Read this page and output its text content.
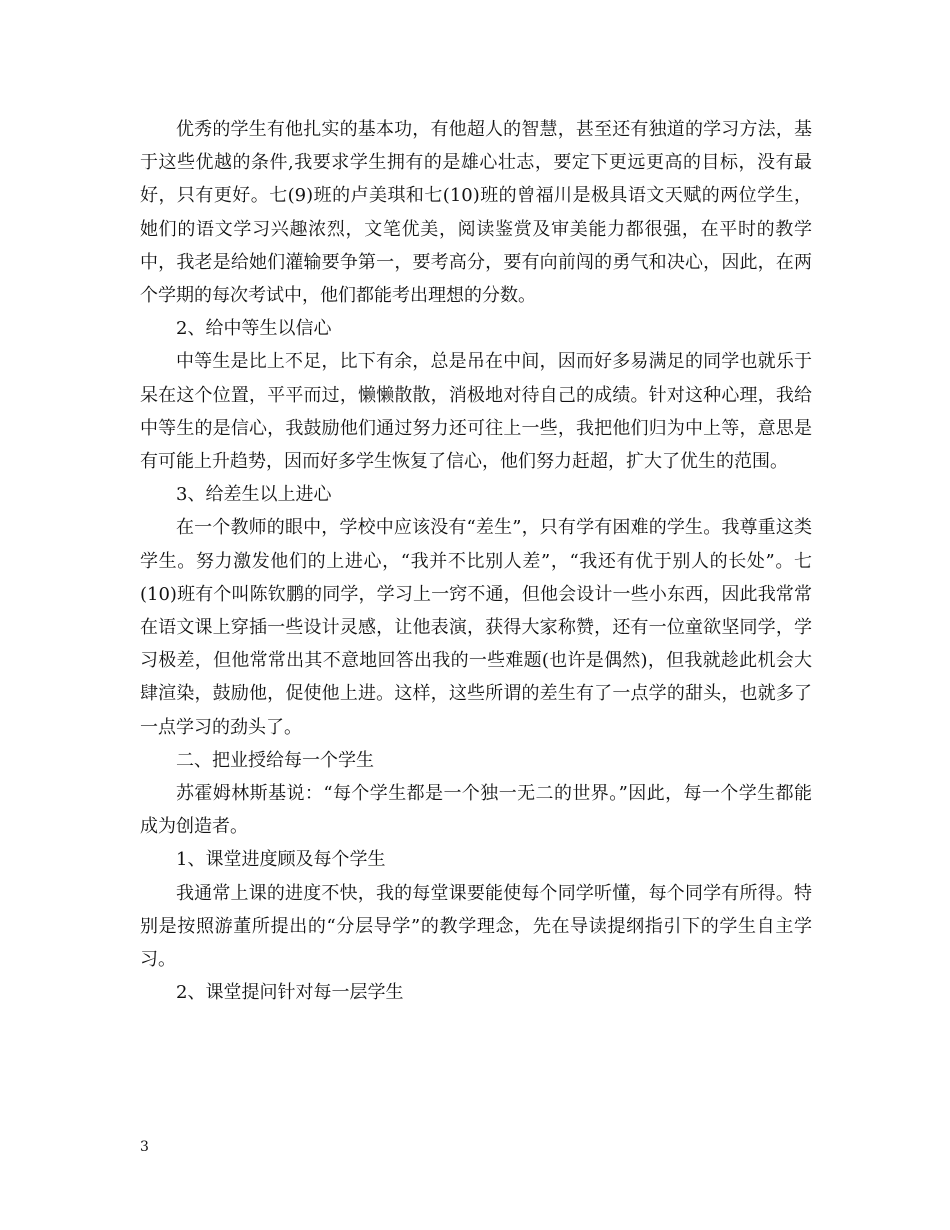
优秀的学生有他扎实的基本功，有他超人的智慧，甚至还有独道的学习方法，基于这些优越的条件,我要求学生拥有的是雄心壮志，要定下更远更高的目标，没有最好，只有更好。七(9)班的卢美琪和七(10)班的曾福川是极具语文天赋的两位学生，她们的语文学习兴趣浓烈，文笔优美，阅读鉴赏及审美能力都很强，在平时的教学中，我老是给她们灌输要争第一，要考高分，要有向前闯的勇气和决心，因此，在两个学期的每次考试中，他们都能考出理想的分数。

2、给中等生以信心

中等生是比上不足，比下有余，总是吊在中间，因而好多易满足的同学也就乐于呆在这个位置，平平而过，懒懒散散，消极地对待自己的成绩。针对这种心理，我给中等生的是信心，我鼓励他们通过努力还可往上一些，我把他们归为中上等，意思是有可能上升趋势，因而好多学生恢复了信心，他们努力赶超，扩大了优生的范围。

3、给差生以上进心

在一个教师的眼中，学校中应该没有“差生”，只有学有困难的学生。我尊重这类学生。努力激发他们的上进心，“我并不比别人差”，“我还有优于别人的长处”。七(10)班有个叫陈钦鹏的同学，学习上一窍不通，但他会设计一些小东西，因此我常常在语文课上穿插一些设计灵感，让他表演，获得大家称赞，还有一位童欲坚同学，学习极差，但他常常出其不意地回答出我的一些难题(也许是偶然)，但我就趁此机会大肆渲染，鼓励他，促使他上进。这样，这些所谓的差生有了一点学的甜头，也就多了一点学习的劲头了。

二、把业授给每一个学生

苏霍姆林斯基说：“每个学生都是一个独一无二的世界。”因此，每一个学生都能成为创造者。

1、课堂进度顾及每个学生

我通常上课的进度不快，我的每堂课要能使每个同学听懂，每个同学有所得。特别是按照游董所提出的“分层导学”的教学理念，先在导读提纲指引下的学生自主学习。

2、课堂提问针对每一层学生

3
